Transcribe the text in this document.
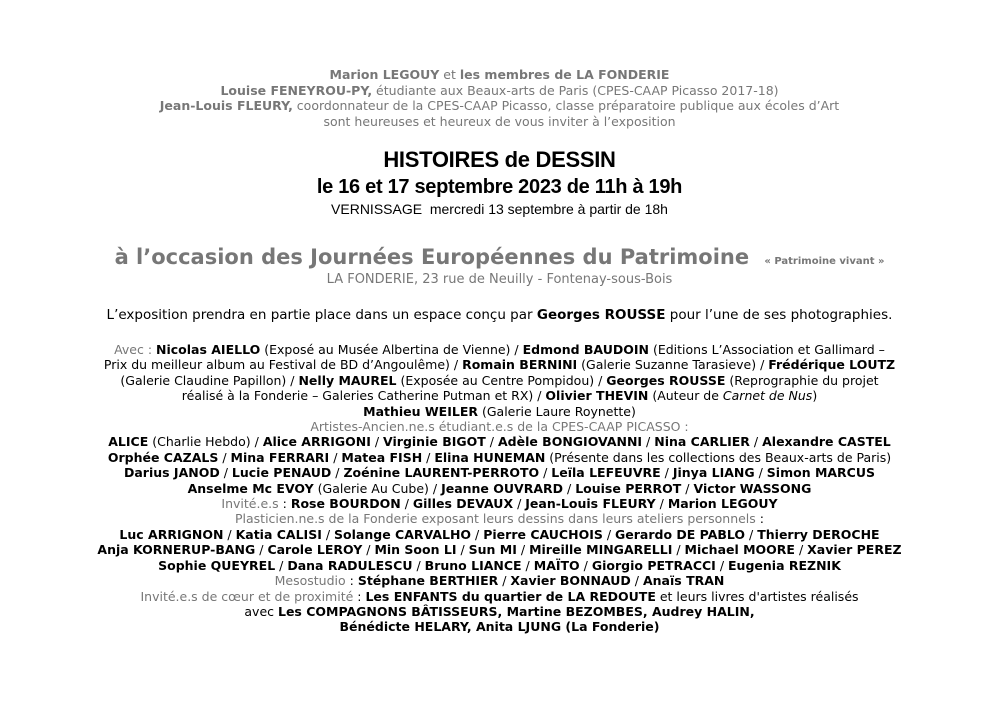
Marion LEGOUY et les membres de LA FONDERIE
Louise FENEYROU-PY, étudiante aux Beaux-arts de Paris (CPES-CAAP Picasso 2017-18)
Jean-Louis FLEURY, coordonnateur de la CPES-CAAP Picasso, classe préparatoire publique aux écoles d’Art
sont heureuses et heureux de vous inviter à l’exposition
HISTOIRES de DESSIN
le 16 et 17 septembre 2023 de 11h à 19h
VERNISSAGE mercredi 13 septembre à partir de 18h
à l’occasion des Journées Européennes du Patrimoine « Patrimoine vivant »
LA FONDERIE, 23 rue de Neuilly - Fontenay-sous-Bois
L’exposition prendra en partie place dans un espace conçu par Georges ROUSSE pour l’une de ses photographies.
Avec : Nicolas AIELLO (Exposé au Musée Albertina de Vienne) / Edmond BAUDOIN (Editions L’Association et Gallimard –
Prix du meilleur album au Festival de BD d’Angoulême) / Romain BERNINI (Galerie Suzanne Tarasieve) / Frédérique LOUTZ
(Galerie Claudine Papillon) / Nelly MAUREL (Exposée au Centre Pompidou) / Georges ROUSSE (Reprographie du projet
réalisé à la Fonderie – Galeries Catherine Putman et RX) / Olivier THEVIN (Auteur de Carnet de Nus)
Mathieu WEILER (Galerie Laure Roynette)
Artistes-Ancien.ne.s étudiant.e.s de la CPES-CAAP PICASSO :
ALICE (Charlie Hebdo) / Alice ARRIGONI / Virginie BIGOT / Adèle BONGIOVANNI / Nina CARLIER / Alexandre CASTEL
Orphée CAZALS / Mina FERRARI / Matea FISH / Elina HUNEMAN (Présente dans les collections des Beaux-arts de Paris)
Darius JANOD / Lucie PENAUD / Zoénine LAURENT-PERROTO / Leïla LEFEUVRE / Jinya LIANG / Simon MARCUS
Anselme Mc EVOY (Galerie Au Cube) / Jeanne OUVRARD / Louise PERROT / Victor WASSONG
Invité.e.s : Rose BOURDON / Gilles DEVAUX / Jean-Louis FLEURY / Marion LEGOUY
Plasticien.ne.s de la Fonderie exposant leurs dessins dans leurs ateliers personnels :
Luc ARRIGNON / Katia CALISI / Solange CARVALHO / Pierre CAUCHOIS / Gerardo DE PABLO / Thierry DEROCHE
Anja KORNERUP-BANG / Carole LEROY / Min Soon LI / Sun MI / Mireille MINGARELLI / Michael MOORE / Xavier PEREZ
Sophie QUEYREL / Dana RADULESCU / Bruno LIANCE / MAÏTO / Giorgio PETRACCI / Eugenia REZNIK
Mesostudio : Stéphane BERTHIER / Xavier BONNAUD / Anaïs TRAN
Invité.e.s de cœur et de proximité : Les ENFANTS du quartier de LA REDOUTE et leurs livres d'artistes réalisés
avec Les COMPAGNONS BÂTISSEURS, Martine BEZOMBES, Audrey HALIN,
Bénédicte HELARY, Anita LJUNG (La Fonderie)
